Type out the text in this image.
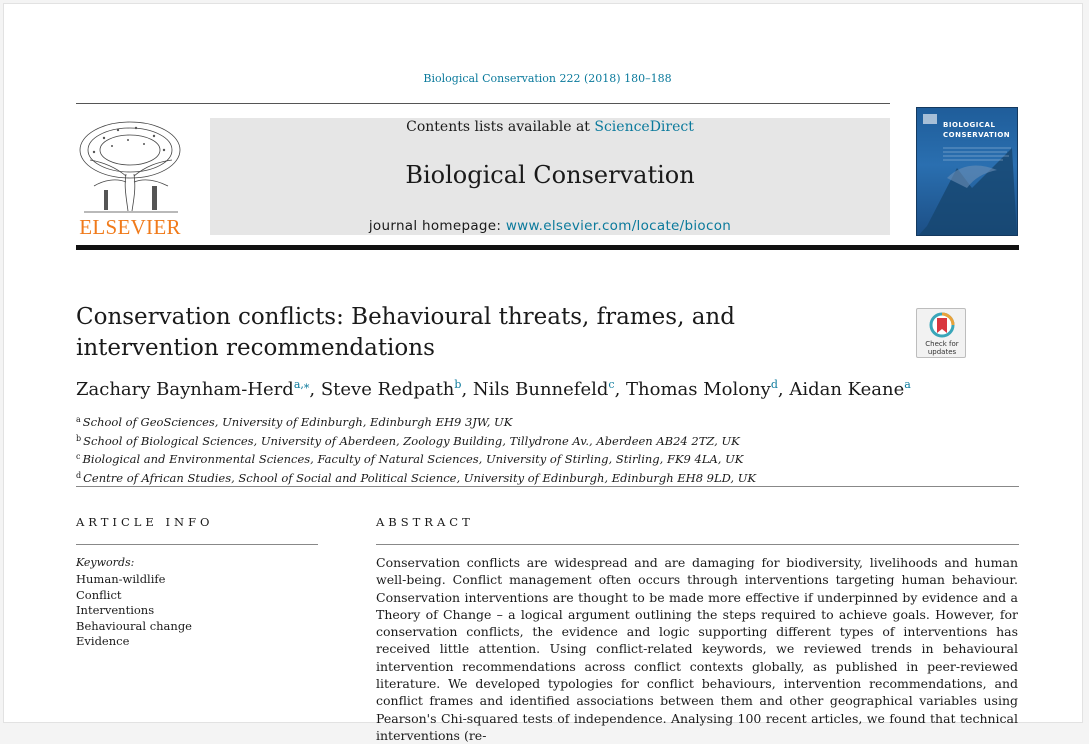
Biological Conservation 222 (2018) 180–188
ELSEVIER
Contents lists available at ScienceDirect
Biological Conservation
journal homepage: www.elsevier.com/locate/biocon
BIOLOGICAL CONSERVATION
Conservation conflicts: Behavioural threats, frames, and intervention recommendations	Check for updates
Zachary Baynham-Herd$^{a,⁎}$, Steve Redpath$^b$, Nils Bunnefeld$^c$, Thomas Molony$^d$, Aidan Keane$^a$
$^a$ School of GeoSciences, University of Edinburgh, Edinburgh EH9 3JW, UK
$^b$ School of Biological Sciences, University of Aberdeen, Zoology Building, Tillydrone Av., Aberdeen AB24 2TZ, UK
$^c$ Biological and Environmental Sciences, Faculty of Natural Sciences, University of Stirling, Stirling, FK9 4LA, UK
$^d$ Centre of African Studies, School of Social and Political Science, University of Edinburgh, Edinburgh EH8 9LD, UK
ARTICLE INFO
Keywords:
Human-wildlife
Conflict
Interventions
Behavioural change
Evidence
ABSTRACT
Conservation conflicts are widespread and are damaging for biodiversity, livelihoods and human well-being. Conflict management often occurs through interventions targeting human behaviour. Conservation interventions are thought to be made more effective if underpinned by evidence and a Theory of Change – a logical argument outlining the steps required to achieve goals. However, for conservation conflicts, the evidence and logic supporting different types of interventions has received little attention. Using conflict-related keywords, we reviewed trends in behavioural intervention recommendations across conflict contexts globally, as published in peer-reviewed literature. We developed typologies for conflict behaviours, intervention recommendations, and conflict frames and identified associations between them and other geographical variables using Pearson's Chi-squared tests of independence. Analysing 100 recent articles, we found that technical interventions (re-
